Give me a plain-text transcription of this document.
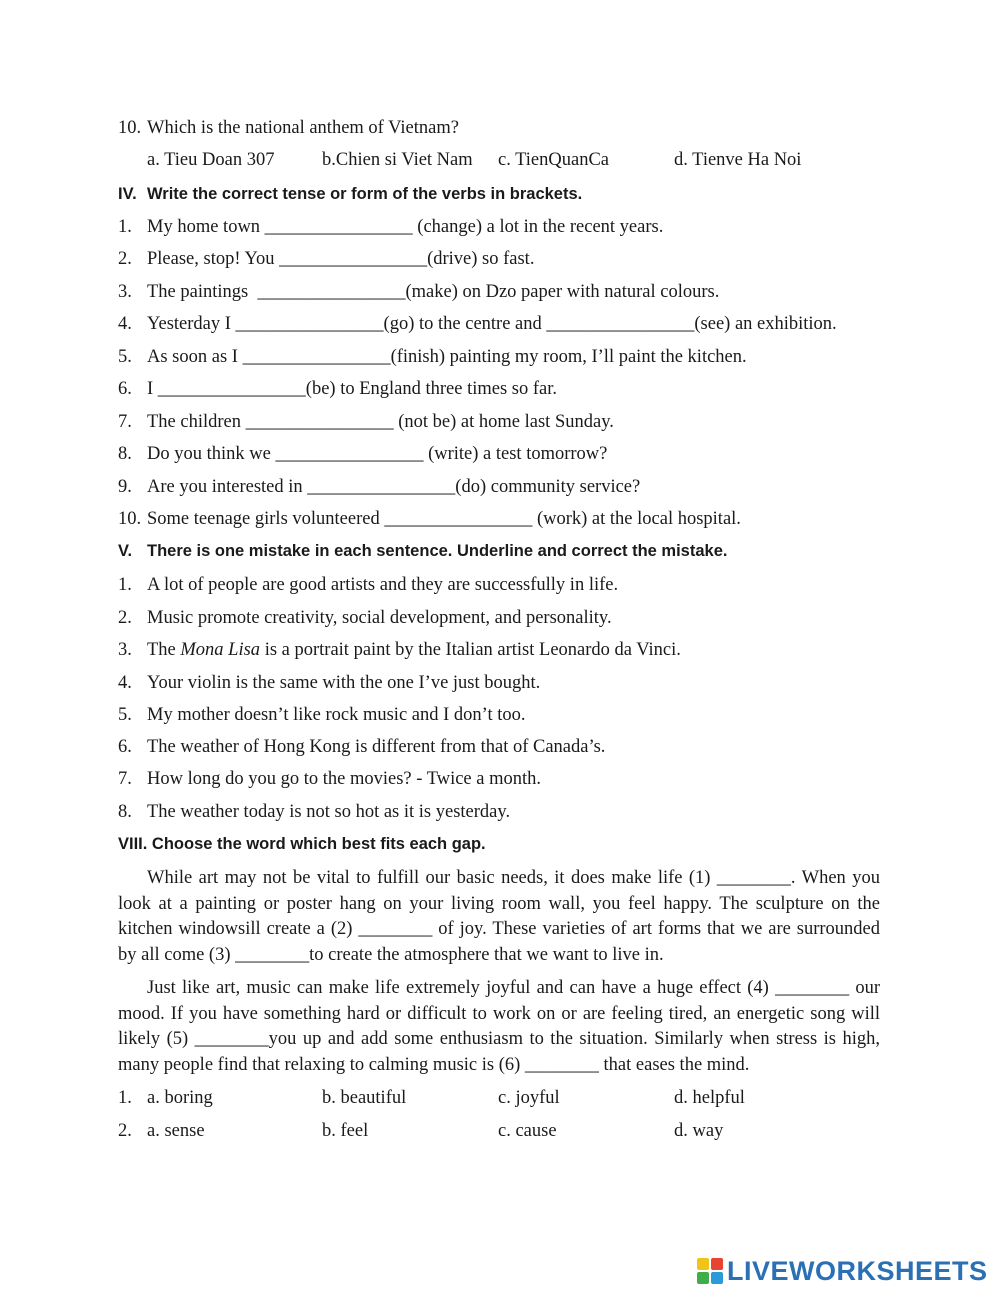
10. Which is the national anthem of Vietnam?
a. Tieu Doan 307	b.Chien si Viet Nam c. TienQuanCa	d. Tienve Ha Noi
IV. Write the correct tense or form of the verbs in brackets.
1. My home town ________________ (change) a lot in the recent years.
2. Please, stop! You ________________(drive) so fast.
3. The paintings  ________________(make) on Dzo paper with natural colours.
4. Yesterday I ________________(go) to the centre and ________________(see) an exhibition.
5. As soon as I ________________(finish) painting my room, I’ll paint the kitchen.
6. I ________________(be) to England three times so far.
7. The children ________________ (not be) at home last Sunday.
8. Do you think we ________________ (write) a test tomorrow?
9. Are you interested in ________________(do) community service?
10. Some teenage girls volunteered ________________ (work) at the local hospital.
V. There is one mistake in each sentence. Underline and correct the mistake.
1. A lot of people are good artists and they are successfully in life.
2. Music promote creativity, social development, and personality.
3. The Mona Lisa is a portrait paint by the Italian artist Leonardo da Vinci.
4. Your violin is the same with the one I’ve just bought.
5. My mother doesn’t like rock music and I don’t too.
6. The weather of Hong Kong is different from that of Canada’s.
7. How long do you go to the movies? - Twice a month.
8. The weather today is not so hot as it is yesterday.
VIII. Choose the word which best fits each gap.
While art may not be vital to fulfill our basic needs, it does make life (1) ________. When you look at a painting or poster hang on your living room wall, you feel happy. The sculpture on the kitchen windowsill create a (2) ________ of joy. These varieties of art forms that we are surrounded by all come (3) ________to create the atmosphere that we want to live in.
Just like art, music can make life extremely joyful and can have a huge effect (4) ________ our mood. If you have something hard or difficult to work on or are feeling tired, an energetic song will likely (5) ________you up and add some enthusiasm to the situation. Similarly when stress is high, many people find that relaxing to calming music is (6) ________ that eases the mind.
1. a. boring	b. beautiful	c. joyful	d. helpful
2. a. sense	b. feel	c. cause	d. way
LIVEWORKSHEETS
